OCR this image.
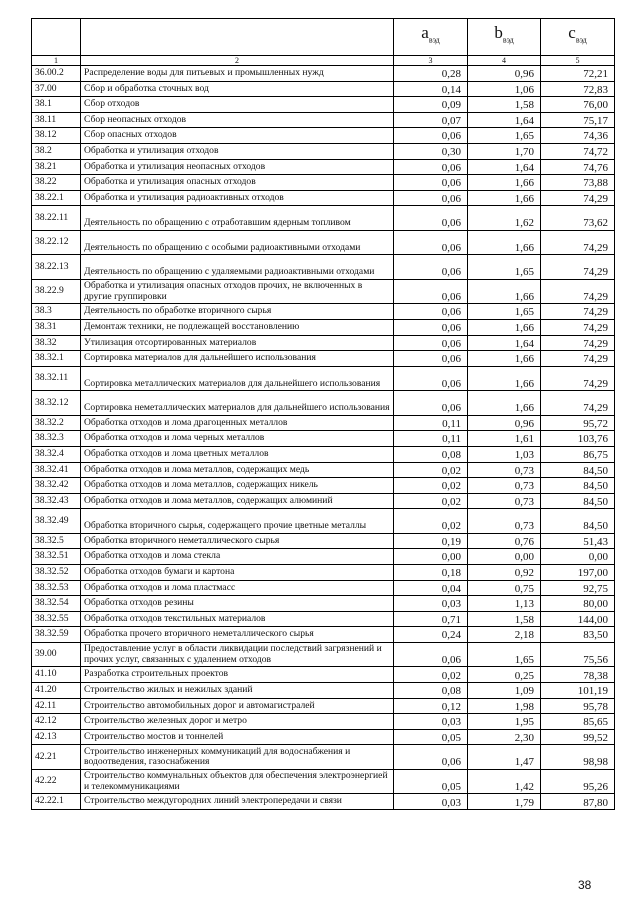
		$a_{вэд}$	$b_{вэд}$	$c_{вэд}$
1	2	3	4	5
36.00.2	Распределение воды для питьевых и промышленных нужд	0,28	0,96	72,21
37.00	Сбор и обработка сточных вод	0,14	1,06	72,83
38.1	Сбор отходов	0,09	1,58	76,00
38.11	Сбор неопасных отходов	0,07	1,64	75,17
38.12	Сбор опасных отходов	0,06	1,65	74,36
38.2	Обработка и утилизация отходов	0,30	1,70	74,72
38.21	Обработка и утилизация неопасных отходов	0,06	1,64	74,76
38.22	Обработка и утилизация опасных отходов	0,06	1,66	73,88
38.22.1	Обработка и утилизация радиоактивных отходов	0,06	1,66	74,29
38.22.11	Деятельность по обращению с отработавшим ядерным топливом	0,06	1,62	73,62
38.22.12	Деятельность по обращению с особыми радиоактивными отходами	0,06	1,66	74,29
38.22.13	Деятельность по обращению с удаляемыми радиоактивными отходами	0,06	1,65	74,29
38.22.9	Обработка и утилизация опасных отходов прочих, не включенных в другие группировки	0,06	1,66	74,29
38.3	Деятельность по обработке вторичного сырья	0,06	1,65	74,29
38.31	Демонтаж техники, не подлежащей восстановлению	0,06	1,66	74,29
38.32	Утилизация отсортированных материалов	0,06	1,64	74,29
38.32.1	Сортировка материалов для дальнейшего использования	0,06	1,66	74,29
38.32.11	Сортировка металлических материалов для дальнейшего использования	0,06	1,66	74,29
38.32.12	Сортировка неметаллических материалов для дальнейшего использования	0,06	1,66	74,29
38.32.2	Обработка отходов и лома драгоценных металлов	0,11	0,96	95,72
38.32.3	Обработка отходов и лома черных металлов	0,11	1,61	103,76
38.32.4	Обработка отходов и лома цветных металлов	0,08	1,03	86,75
38.32.41	Обработка отходов и лома металлов, содержащих медь	0,02	0,73	84,50
38.32.42	Обработка отходов и лома металлов, содержащих никель	0,02	0,73	84,50
38.32.43	Обработка отходов и лома металлов, содержащих алюминий	0,02	0,73	84,50
38.32.49	Обработка вторичного сырья, содержащего прочие цветные металлы	0,02	0,73	84,50
38.32.5	Обработка вторичного неметаллического сырья	0,19	0,76	51,43
38.32.51	Обработка отходов и лома стекла	0,00	0,00	0,00
38.32.52	Обработка отходов бумаги и картона	0,18	0,92	197,00
38.32.53	Обработка отходов и лома пластмасс	0,04	0,75	92,75
38.32.54	Обработка отходов резины	0,03	1,13	80,00
38.32.55	Обработка отходов текстильных материалов	0,71	1,58	144,00
38.32.59	Обработка прочего вторичного неметаллического сырья	0,24	2,18	83,50
39.00	Предоставление услуг в области ликвидации последствий загрязнений и прочих услуг, связанных с удалением отходов	0,06	1,65	75,56
41.10	Разработка строительных проектов	0,02	0,25	78,38
41.20	Строительство жилых и нежилых зданий	0,08	1,09	101,19
42.11	Строительство автомобильных дорог и автомагистралей	0,12	1,98	95,78
42.12	Строительство железных дорог и метро	0,03	1,95	85,65
42.13	Строительство мостов и тоннелей	0,05	2,30	99,52
42.21	Строительство инженерных коммуникаций для водоснабжения и водоотведения, газоснабжения	0,06	1,47	98,98
42.22	Строительство коммунальных объектов для обеспечения электроэнергией и телекоммуникациями	0,05	1,42	95,26
42.22.1	Строительство междугородних линий электропередачи и связи	0,03	1,79	87,80
38
